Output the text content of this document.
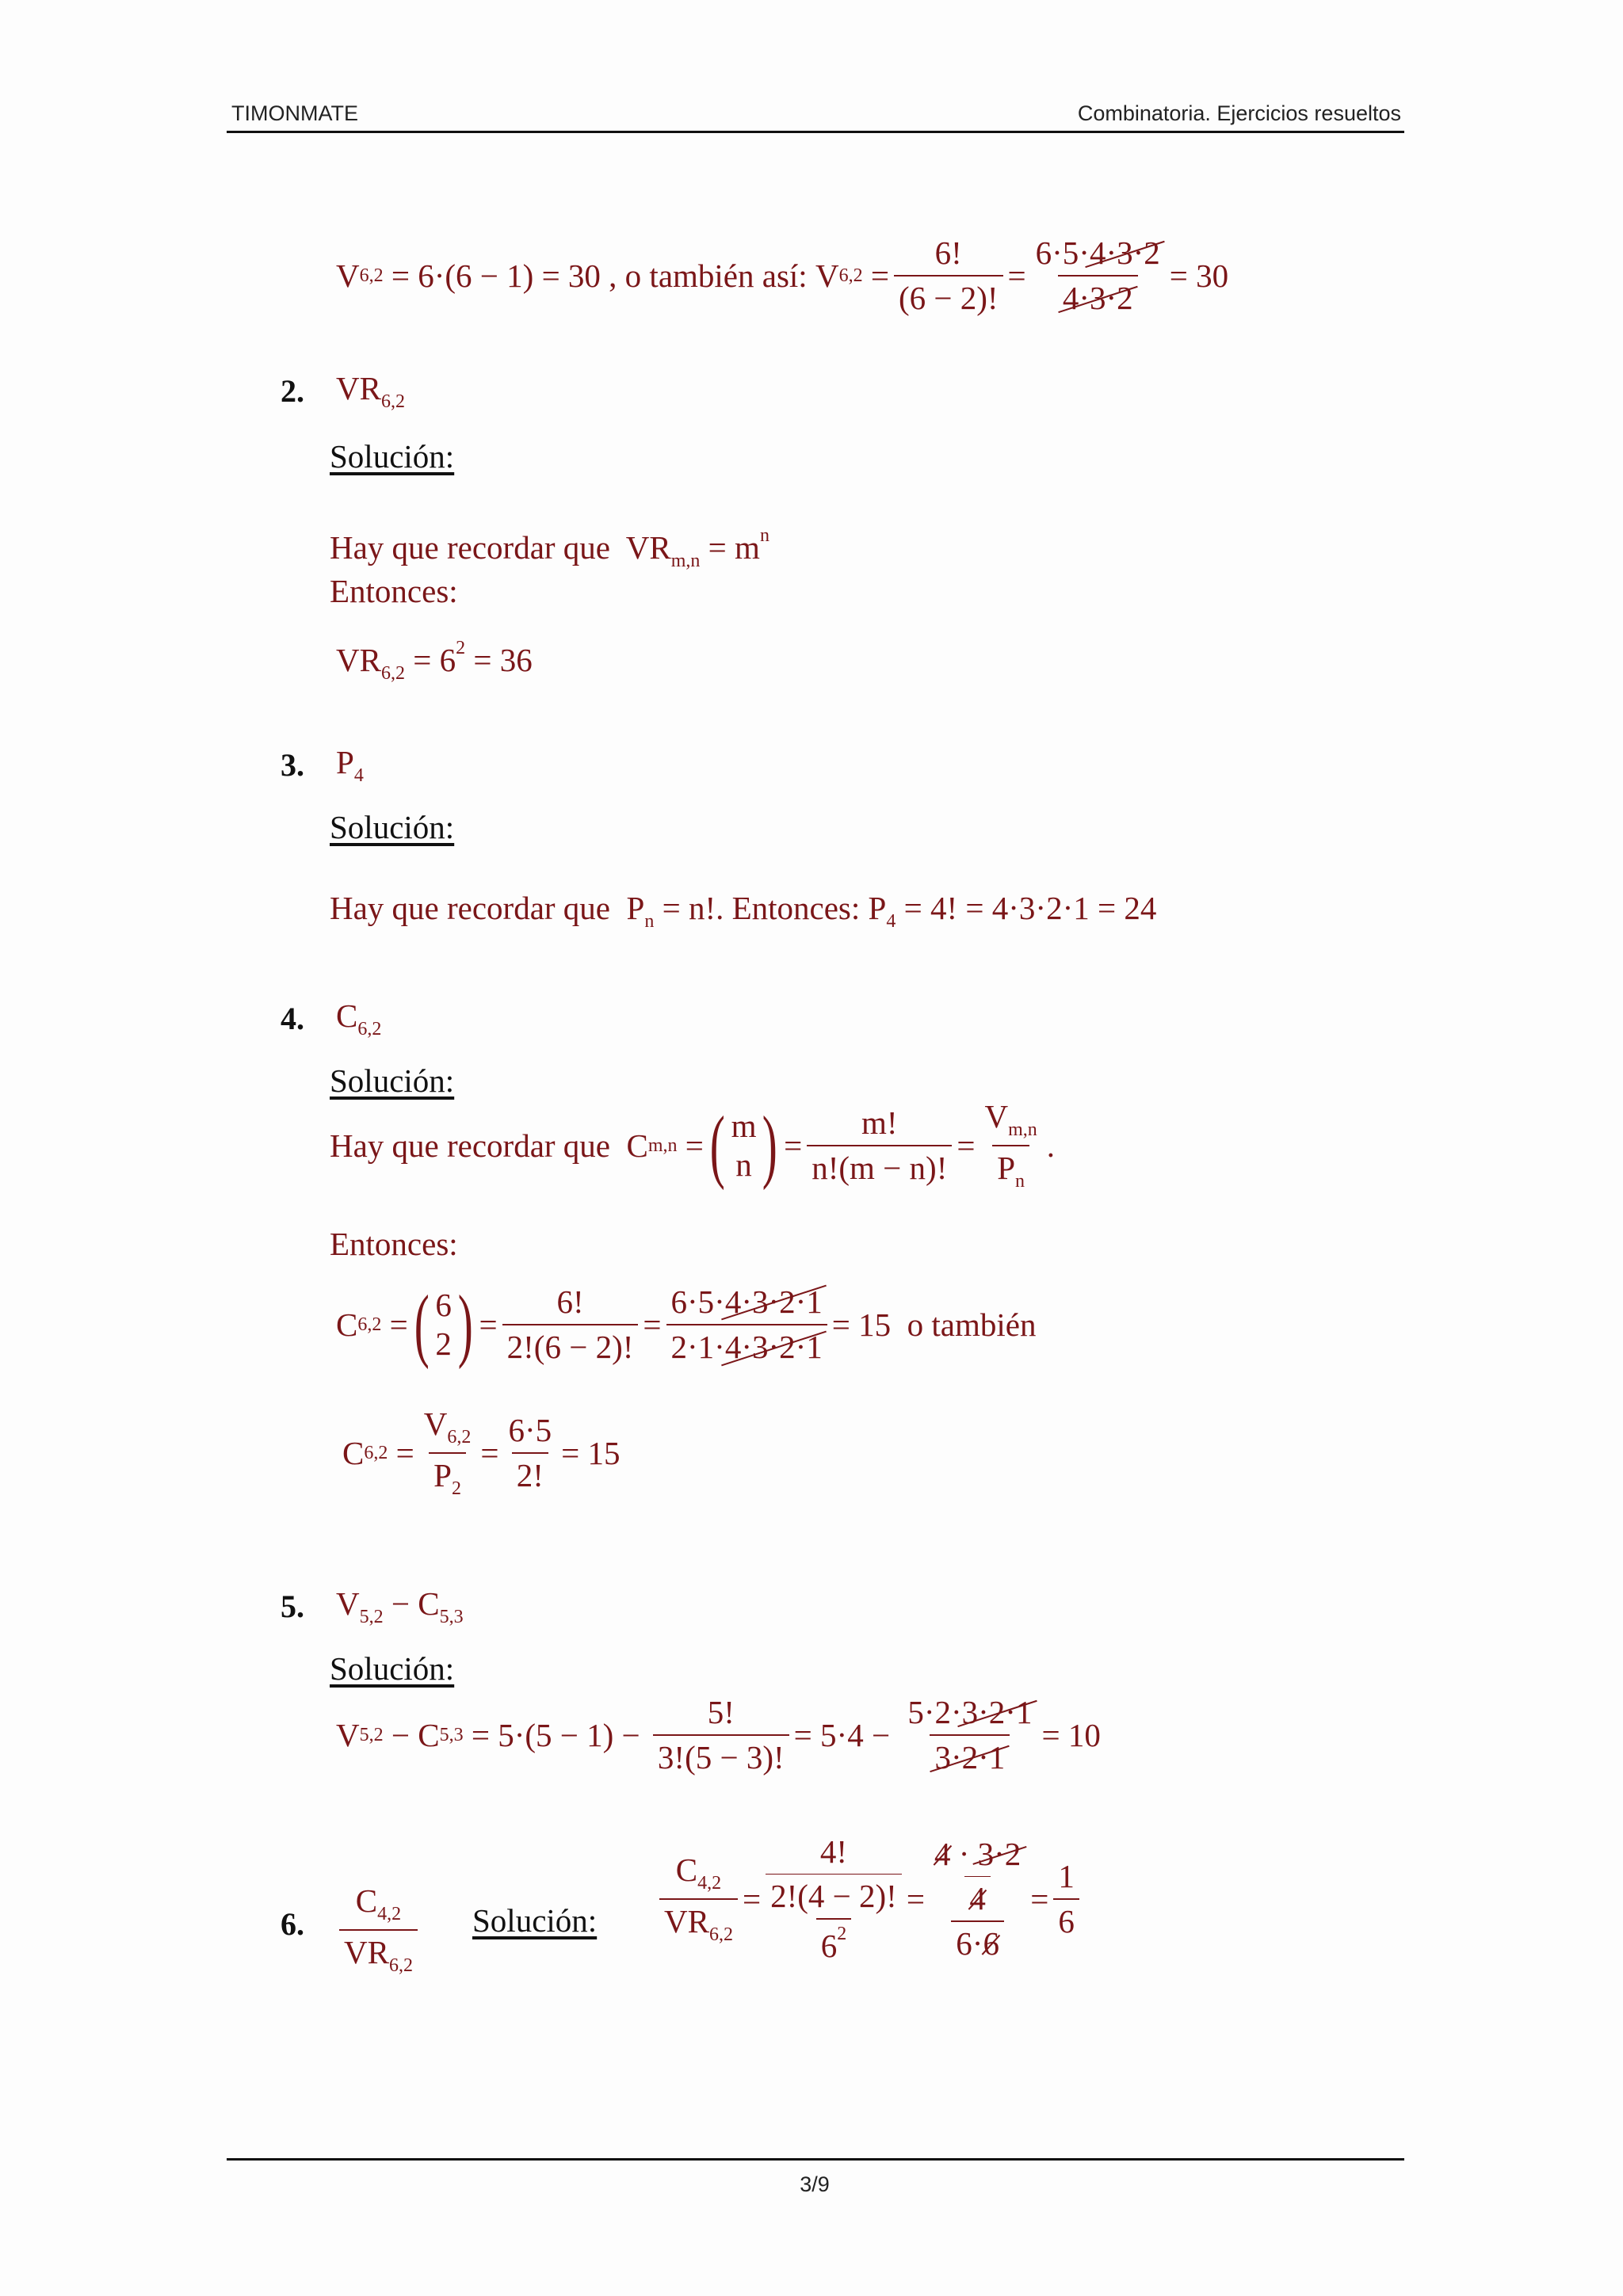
TIMONMATE	Combinatoria. Ejercicios resueltos
V 6,2 = 6·(6 − 1) = 30 , o también así: V $6,2 = \frac{6!}{(6 - 2)!} = \frac{6\cdot 5\cdot 4\cdot 3\cdot 2}{4\cdot 3\cdot 2} = 30$
2. $VR_{6,2}$
Solución:
Hay que recordar que $VR_{m,n} = m^n$
Entonces:
$VR_{6,2} = 6^2 = 36$
3. $P_4$
Solución:
Hay que recordar que $P_n = n$!. Entonces: $P_4 = 4$! = 4·3·2·1 = 24
4. $C_{6,2}$
Solución:
Hay que recordar que
C m,n = ( m
n ) = $\frac{m!}{n!(m - n)!} = \frac{V_{m,n}}{P_n}$ .
Entonces:
C 6,2 = ( 6
2 ) = $\frac{6!}{2!(6 - 2)!} = \frac{6\cdot 5\cdot 4\cdot 3\cdot 2\cdot 1}{2\cdot 1\cdot 4\cdot 3\cdot 2\cdot 1} = 15$  o también
C $6,2 = \frac{V_{6,2}}{P_2} = \frac{6\cdot 5}{2!} = 15$
5. $V_{5,2} - C_{5,3}$
Solución:
V 5,2 − C $5,3 = 5\cdot(5 - 1) - \frac{5!}{3!(5 - 3)!} = 5\cdot 4 - \frac{5\cdot 2\cdot 3\cdot 2\cdot 1}{3\cdot 2\cdot 1} = 10$
6. $\frac{C_{4,2}}{VR_{6,2}}$ Solución: $\frac{C_{4,2}}{VR_{6,2}}$ =
4!
2!(4 − 2)!
$6^2$
=
4 · 3·2
4
6·6
= $\frac{1}{6}$
3/9
